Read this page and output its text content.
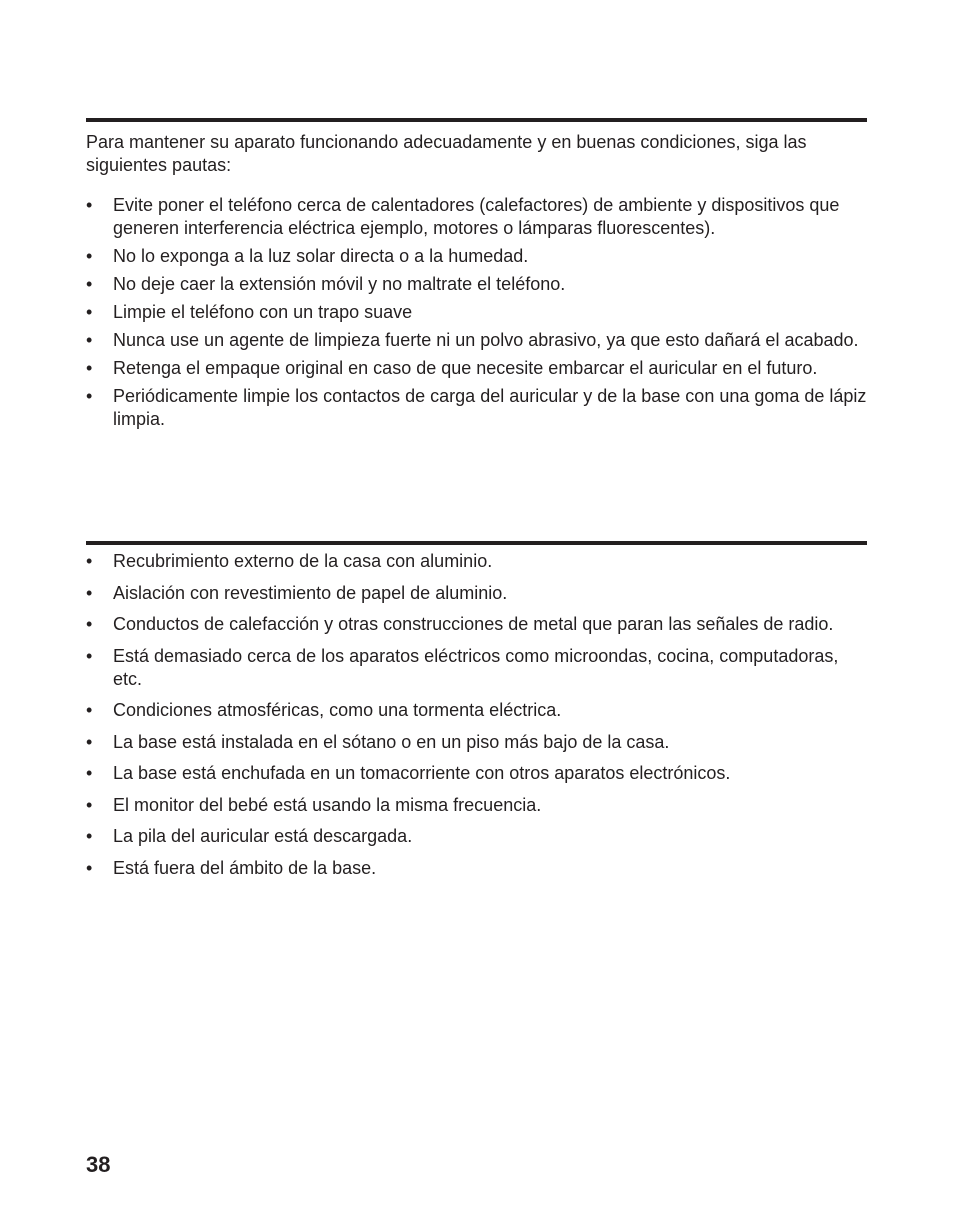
Para mantener su aparato funcionando adecuadamente y en buenas condiciones, siga las siguientes pautas:

•	Evite poner el teléfono cerca de calentadores (calefactores) de ambiente y dispositivos que generen interferencia eléctrica ejemplo, motores o lámparas fluorescentes).
•	No lo exponga a la luz solar directa o a la humedad.
•	No deje caer la extensión móvil y no maltrate el teléfono.
•	Limpie el teléfono con un trapo suave
•	Nunca use un agente de limpieza fuerte ni un polvo abrasivo, ya que esto dañará el acabado.
•	Retenga el empaque original en caso de que necesite embarcar el auricular en el futuro.
•	Periódicamente limpie los contactos de carga del auricular y de la base con una goma de lápiz limpia.
•	Recubrimiento externo de la casa con aluminio.
•	Aislación con revestimiento de papel de aluminio.
•	Conductos de calefacción y otras construcciones de metal que paran las señales de radio.
•	Está demasiado cerca de los aparatos eléctricos como microondas, cocina, computadoras, etc.
•	Condiciones atmosféricas, como una tormenta eléctrica.
•	La base está instalada en el sótano o en un piso más bajo de la casa.
•	La base está enchufada en un tomacorriente con otros aparatos electrónicos.
•	El monitor del bebé está usando la misma frecuencia.
•	La pila del auricular está descargada.
•	Está fuera del ámbito de la base.
38
